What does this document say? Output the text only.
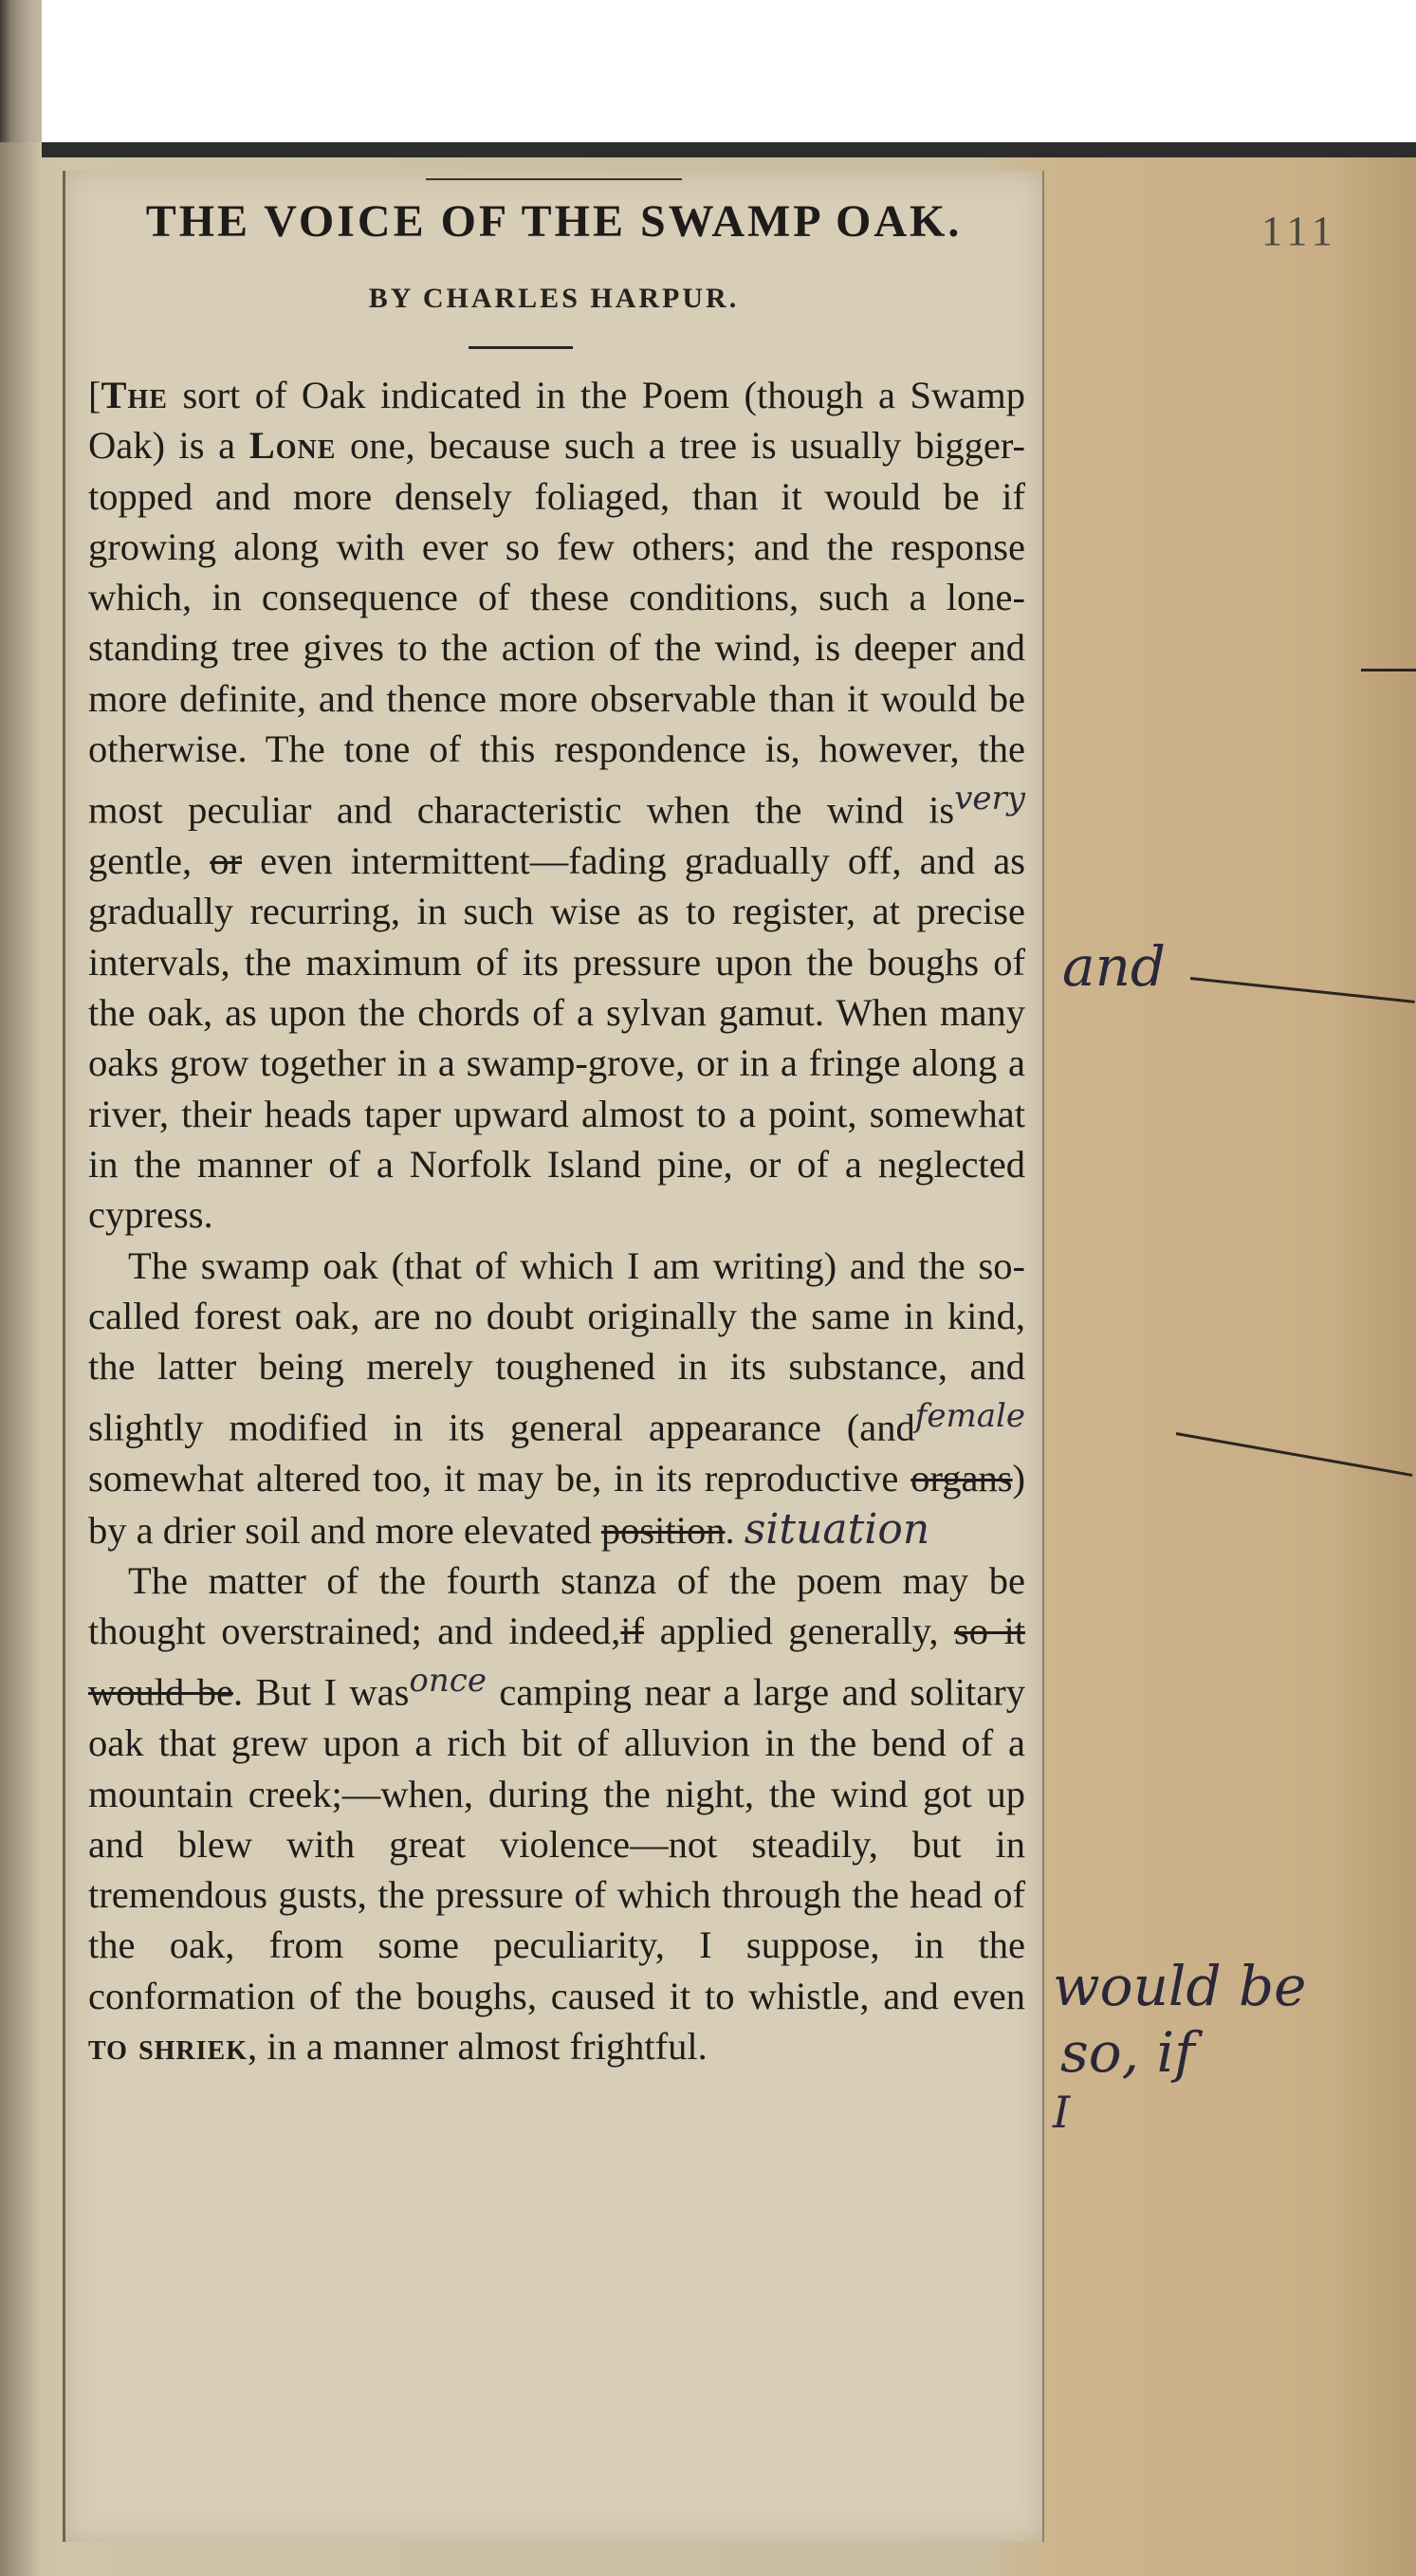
111
THE VOICE OF THE SWAMP OAK.
BY CHARLES HARPUR.

[The sort of Oak indicated in the Poem (though a Swamp Oak) is a Lone one, because such a tree is usually bigger-topped and more densely foliaged, than it would be if growing along with ever so few others; and the response which, in consequence of these conditions, such a lone-standing tree gives to the action of the wind, is deeper and more definite, and thence more observable than it would be otherwise. The tone of this respondence is, however, the most peculiar and characteristic when the wind $is^{very}$ gentle, or even intermittent—fading gradually off, and as gradually recurring, in such wise as to register, at precise intervals, the maximum of its pressure upon the boughs of the oak, as upon the chords of a sylvan gamut. When many oaks grow together in a swamp-grove, or in a fringe along a river, their heads taper upward almost to a point, somewhat in the manner of a Norfolk Island pine, or of a neglected cypress.

The swamp oak (that of which I am writing) and the so-called forest oak, are no doubt originally the same in kind, the latter being merely toughened in its substance, and slightly modified in its general appearance (and$^{female}$ somewhat altered too, it may be, in its reproductive organs) by a drier soil and more elevated position. situation

The matter of the fourth stanza of the poem may be thought overstrained; and indeed,if applied generally, so it would be. But I was$^{once}$ camping near a large and solitary oak that grew upon a rich bit of alluvion in the bend of a mountain creek;—when, during the night, the wind got up and blew with great violence—not steadily, but in tremendous gusts, the pressure of which through the head of the oak, from some peculiarity, I suppose, in the conformation of the boughs, caused it to whistle, and even to shriek, in a manner almost frightful.

and
would be
so, if
I
